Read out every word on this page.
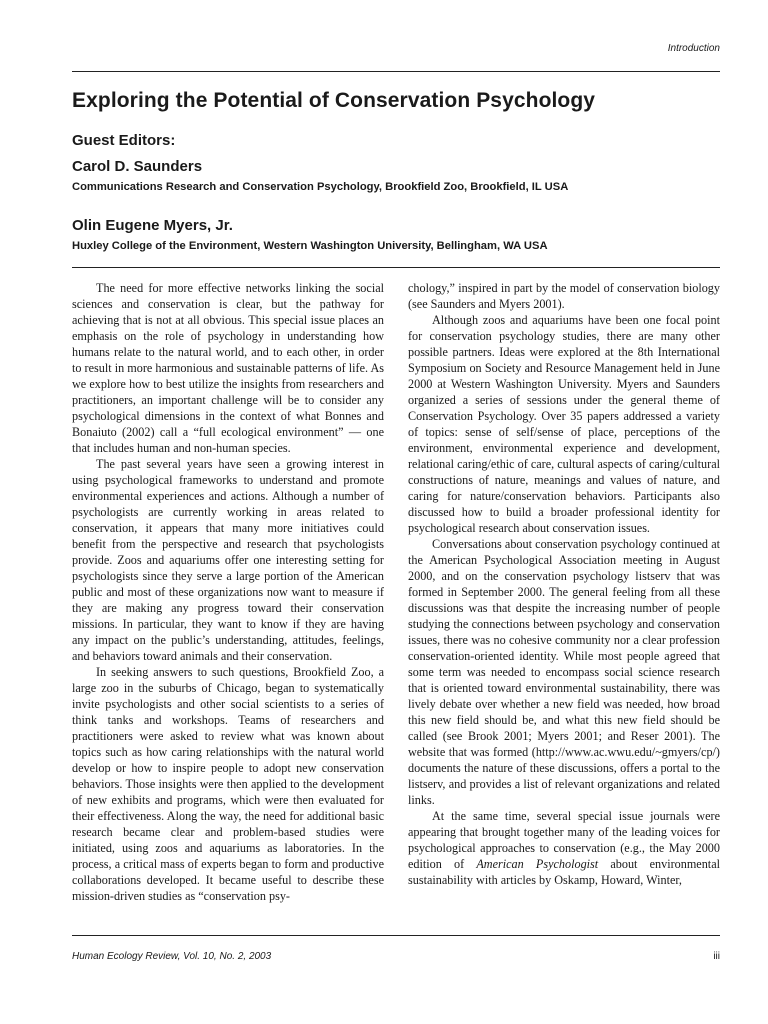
Introduction
Exploring the Potential of Conservation Psychology
Guest Editors:
Carol D. Saunders
Communications Research and Conservation Psychology, Brookfield Zoo, Brookfield, IL USA
Olin Eugene Myers, Jr.
Huxley College of the Environment, Western Washington University, Bellingham, WA USA

The need for more effective networks linking the social sciences and conservation is clear, but the pathway for achieving that is not at all obvious. This special issue places an emphasis on the role of psychology in understanding how humans relate to the natural world, and to each other, in order to result in more harmonious and sustainable patterns of life. As we explore how to best utilize the insights from researchers and practitioners, an important challenge will be to consider any psychological dimensions in the context of what Bonnes and Bonaiuto (2002) call a “full ecological environment” — one that includes human and non-human species.

The past several years have seen a growing interest in using psychological frameworks to understand and promote environmental experiences and actions. Although a number of psychologists are currently working in areas related to conservation, it appears that many more initiatives could benefit from the perspective and research that psychologists provide. Zoos and aquariums offer one interesting setting for psychologists since they serve a large portion of the American public and most of these organizations now want to measure if they are making any progress toward their conservation missions. In particular, they want to know if they are having any impact on the public’s understanding, attitudes, feelings, and behaviors toward animals and their conservation.

In seeking answers to such questions, Brookfield Zoo, a large zoo in the suburbs of Chicago, began to systematically invite psychologists and other social scientists to a series of think tanks and workshops. Teams of researchers and practitioners were asked to review what was known about topics such as how caring relationships with the natural world develop or how to inspire people to adopt new conservation behaviors. Those insights were then applied to the development of new exhibits and programs, which were then evaluated for their effectiveness. Along the way, the need for additional basic research became clear and problem-based studies were initiated, using zoos and aquariums as laboratories. In the process, a critical mass of experts began to form and productive collaborations developed. It became useful to describe these mission-driven studies as “conservation psy-

chology,” inspired in part by the model of conservation biology (see Saunders and Myers 2001).

Although zoos and aquariums have been one focal point for conservation psychology studies, there are many other possible partners. Ideas were explored at the 8th International Symposium on Society and Resource Management held in June 2000 at Western Washington University. Myers and Saunders organized a series of sessions under the general theme of Conservation Psychology. Over 35 papers addressed a variety of topics: sense of self/sense of place, perceptions of the environment, environmental experience and development, relational caring/ethic of care, cultural aspects of caring/cultural constructions of nature, meanings and values of nature, and caring for nature/conservation behaviors. Participants also discussed how to build a broader professional identity for psychological research about conservation issues.

Conversations about conservation psychology continued at the American Psychological Association meeting in August 2000, and on the conservation psychology listserv that was formed in September 2000. The general feeling from all these discussions was that despite the increasing number of people studying the connections between psychology and conservation issues, there was no cohesive community nor a clear profession conservation-oriented identity. While most people agreed that some term was needed to encompass social science research that is oriented toward environmental sustainability, there was lively debate over whether a new field was needed, how broad this new field should be, and what this new field should be called (see Brook 2001; Myers 2001; and Reser 2001). The website that was formed (http://www.ac.wwu.edu/~gmyers/cp/) documents the nature of these discussions, offers a portal to the listserv, and provides a list of relevant organizations and related links.

At the same time, several special issue journals were appearing that brought together many of the leading voices for psychological approaches to conservation (e.g., the May 2000 edition of American Psychologist about environmental sustainability with articles by Oskamp, Howard, Winter,

Human Ecology Review, Vol. 10, No. 2, 2003	iii
